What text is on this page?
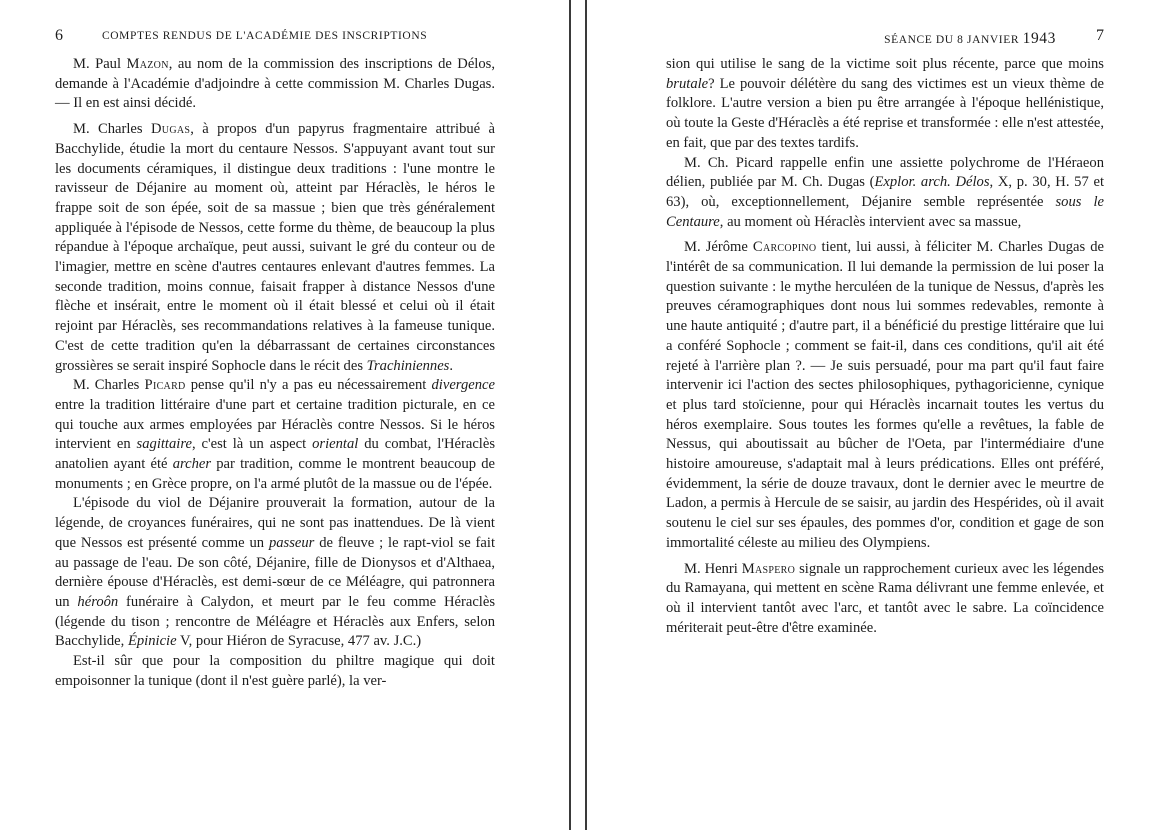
6	COMPTES RENDUS DE L'ACADÉMIE DES INSCRIPTIONS

M. Paul Mazon, au nom de la commission des inscriptions de Délos, demande à l'Académie d'adjoindre à cette commission M. Charles Dugas. — Il en est ainsi décidé.

M. Charles Dugas, à propos d'un papyrus fragmentaire attribué à Bacchylide, étudie la mort du centaure Nessos. S'appuyant avant tout sur les documents céramiques, il distingue deux traditions : l'une montre le ravisseur de Déjanire au moment où, atteint par Héraclès, le héros le frappe soit de son épée, soit de sa massue ; bien que très généralement appliquée à l'épisode de Nessos, cette forme du thème, de beaucoup la plus répandue à l'époque archaïque, peut aussi, suivant le gré du conteur ou de l'imagier, mettre en scène d'autres centaures enlevant d'autres femmes. La seconde tradition, moins connue, faisait frapper à distance Nessos d'une flèche et insérait, entre le moment où il était blessé et celui où il était rejoint par Héraclès, ses recommandations relatives à la fameuse tunique. C'est de cette tradition qu'en la débarrassant de certaines circonstances grossières se serait inspiré Sophocle dans le récit des Trachiniennes.

M. Charles Picard pense qu'il n'y a pas eu nécessairement divergence entre la tradition littéraire d'une part et certaine tradition picturale, en ce qui touche aux armes employées par Héraclès contre Nessos. Si le héros intervient en sagittaire, c'est là un aspect oriental du combat, l'Héraclès anatolien ayant été archer par tradition, comme le montrent beaucoup de monuments ; en Grèce propre, on l'a armé plutôt de la massue ou de l'épée.

L'épisode du viol de Déjanire prouverait la formation, autour de la légende, de croyances funéraires, qui ne sont pas inattendues. De là vient que Nessos est présenté comme un passeur de fleuve ; le rapt-viol se fait au passage de l'eau. De son côté, Déjanire, fille de Dionysos et d'Althaea, dernière épouse d'Héraclès, est demi-sœur de ce Méléagre, qui patronnera un héroôn funéraire à Calydon, et meurt par le feu comme Héraclès (légende du tison ; rencontre de Méléagre et Héraclès aux Enfers, selon Bacchylide, Épinicie V, pour Hiéron de Syracuse, 477 av. J.C.)

Est-il sûr que pour la composition du philtre magique qui doit empoisonner la tunique (dont il n'est guère parlé), la ver-

SÉANCE DU 8 JANVIER 1943	7

sion qui utilise le sang de la victime soit plus récente, parce que moins brutale? Le pouvoir délétère du sang des victimes est un vieux thème de folklore. L'autre version a bien pu être arrangée à l'époque hellénistique, où toute la Geste d'Héraclès a été reprise et transformée : elle n'est attestée, en fait, que par des textes tardifs.

M. Ch. Picard rappelle enfin une assiette polychrome de l'Héraeon délien, publiée par M. Ch. Dugas (Explor. arch. Délos, X, p. 30, H. 57 et 63), où, exceptionnellement, Déjanire semble représentée sous le Centaure, au moment où Héraclès intervient avec sa massue,

M. Jérôme Carcopino tient, lui aussi, à féliciter M. Charles Dugas de l'intérêt de sa communication. Il lui demande la permission de lui poser la question suivante : le mythe herculéen de la tunique de Nessus, d'après les preuves céramographiques dont nous lui sommes redevables, remonte à une haute antiquité ; d'autre part, il a bénéficié du prestige littéraire que lui a conféré Sophocle ; comment se fait-il, dans ces conditions, qu'il ait été rejeté à l'arrière plan ?. — Je suis persuadé, pour ma part qu'il faut faire intervenir ici l'action des sectes philosophiques, pythagoricienne, cynique et plus tard stoïcienne, pour qui Héraclès incarnait toutes les vertus du héros exemplaire. Sous toutes les formes qu'elle a revêtues, la fable de Nessus, qui aboutissait au bûcher de l'Oeta, par l'intermédiaire d'une histoire amoureuse, s'adaptait mal à leurs prédications. Elles ont préféré, évidemment, la série de douze travaux, dont le dernier avec le meurtre de Ladon, a permis à Hercule de se saisir, au jardin des Hespérides, où il avait soutenu le ciel sur ses épaules, des pommes d'or, condition et gage de son immortalité céleste au milieu des Olympiens.

M. Henri Maspero signale un rapprochement curieux avec les légendes du Ramayana, qui mettent en scène Rama délivrant une femme enlevée, et où il intervient tantôt avec l'arc, et tantôt avec le sabre. La coïncidence mériterait peut-être d'être examinée.
